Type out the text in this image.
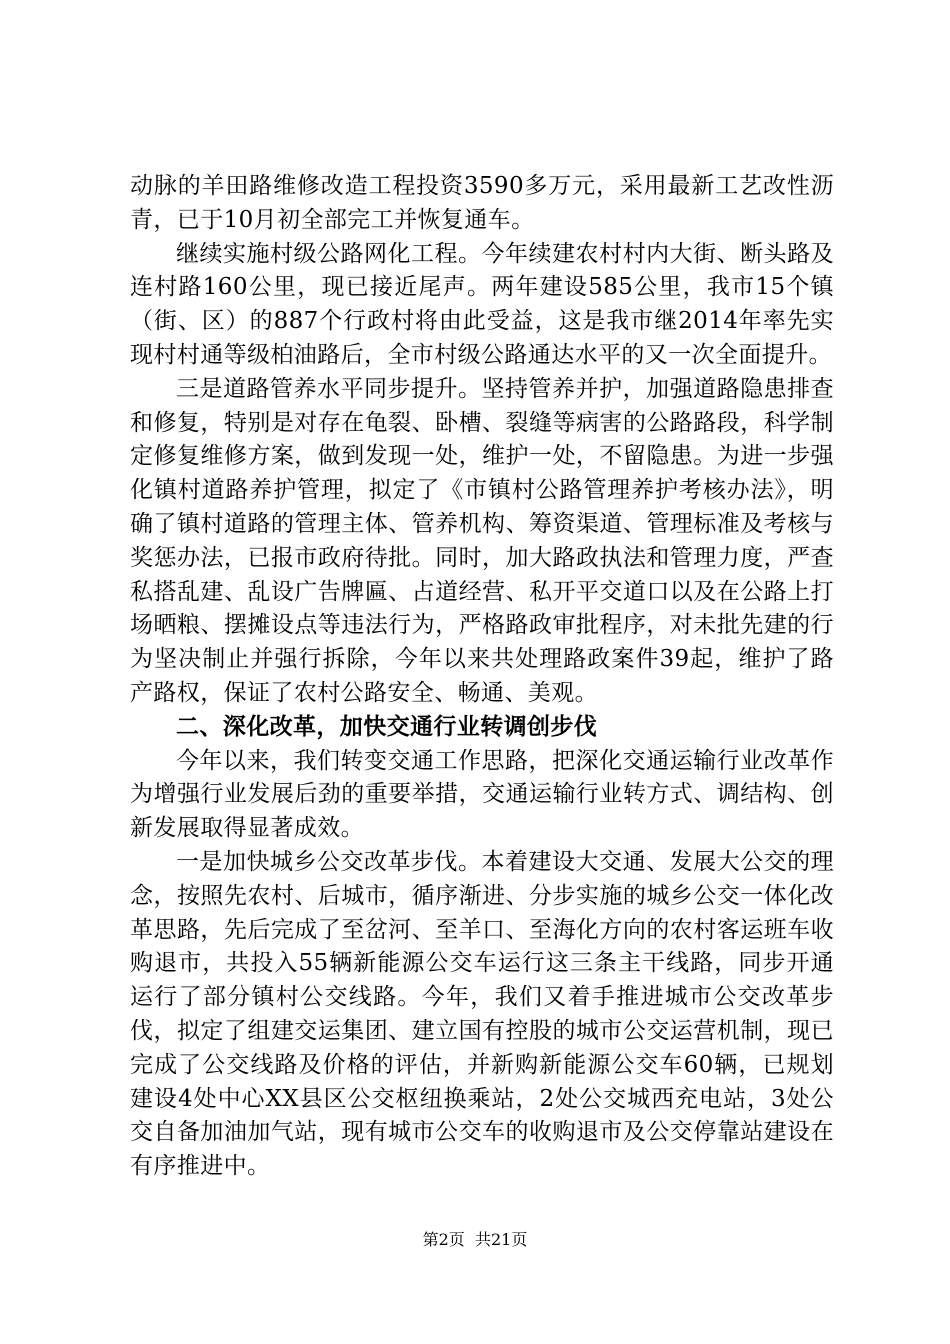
动脉的羊田路维修改造工程投资3590多万元，采用最新工艺改性沥青，已于10月初全部完工并恢复通车。

继续实施村级公路网化工程。今年续建农村村内大街、断头路及连村路160公里，现已接近尾声。两年建设585公里，我市15个镇（街、区）的887个行政村将由此受益，这是我市继2014年率先实现村村通等级柏油路后，全市村级公路通达水平的又一次全面提升。

三是道路管养水平同步提升。坚持管养并护，加强道路隐患排查和修复，特别是对存在龟裂、卧槽、裂缝等病害的公路路段，科学制定修复维修方案，做到发现一处，维护一处，不留隐患。为进一步强化镇村道路养护管理，拟定了《市镇村公路管理养护考核办法》，明确了镇村道路的管理主体、管养机构、筹资渠道、管理标准及考核与奖惩办法，已报市政府待批。同时，加大路政执法和管理力度，严查私搭乱建、乱设广告牌匾、占道经营、私开平交道口以及在公路上打场晒粮、摆摊设点等违法行为，严格路政审批程序，对未批先建的行为坚决制止并强行拆除，今年以来共处理路政案件39起，维护了路产路权，保证了农村公路安全、畅通、美观。

二、深化改革，加快交通行业转调创步伐

今年以来，我们转变交通工作思路，把深化交通运输行业改革作为增强行业发展后劲的重要举措，交通运输行业转方式、调结构、创新发展取得显著成效。

一是加快城乡公交改革步伐。本着建设大交通、发展大公交的理念，按照先农村、后城市，循序渐进、分步实施的城乡公交一体化改革思路，先后完成了至岔河、至羊口、至海化方向的农村客运班车收购退市，共投入55辆新能源公交车运行这三条主干线路，同步开通运行了部分镇村公交线路。今年，我们又着手推进城市公交改革步伐，拟定了组建交运集团、建立国有控股的城市公交运营机制，现已完成了公交线路及价格的评估，并新购新能源公交车60辆，已规划建设4处中心XX县区公交枢纽换乘站，2处公交城西充电站，3处公交自备加油加气站，现有城市公交车的收购退市及公交停靠站建设在有序推进中。

第2页 共21页
